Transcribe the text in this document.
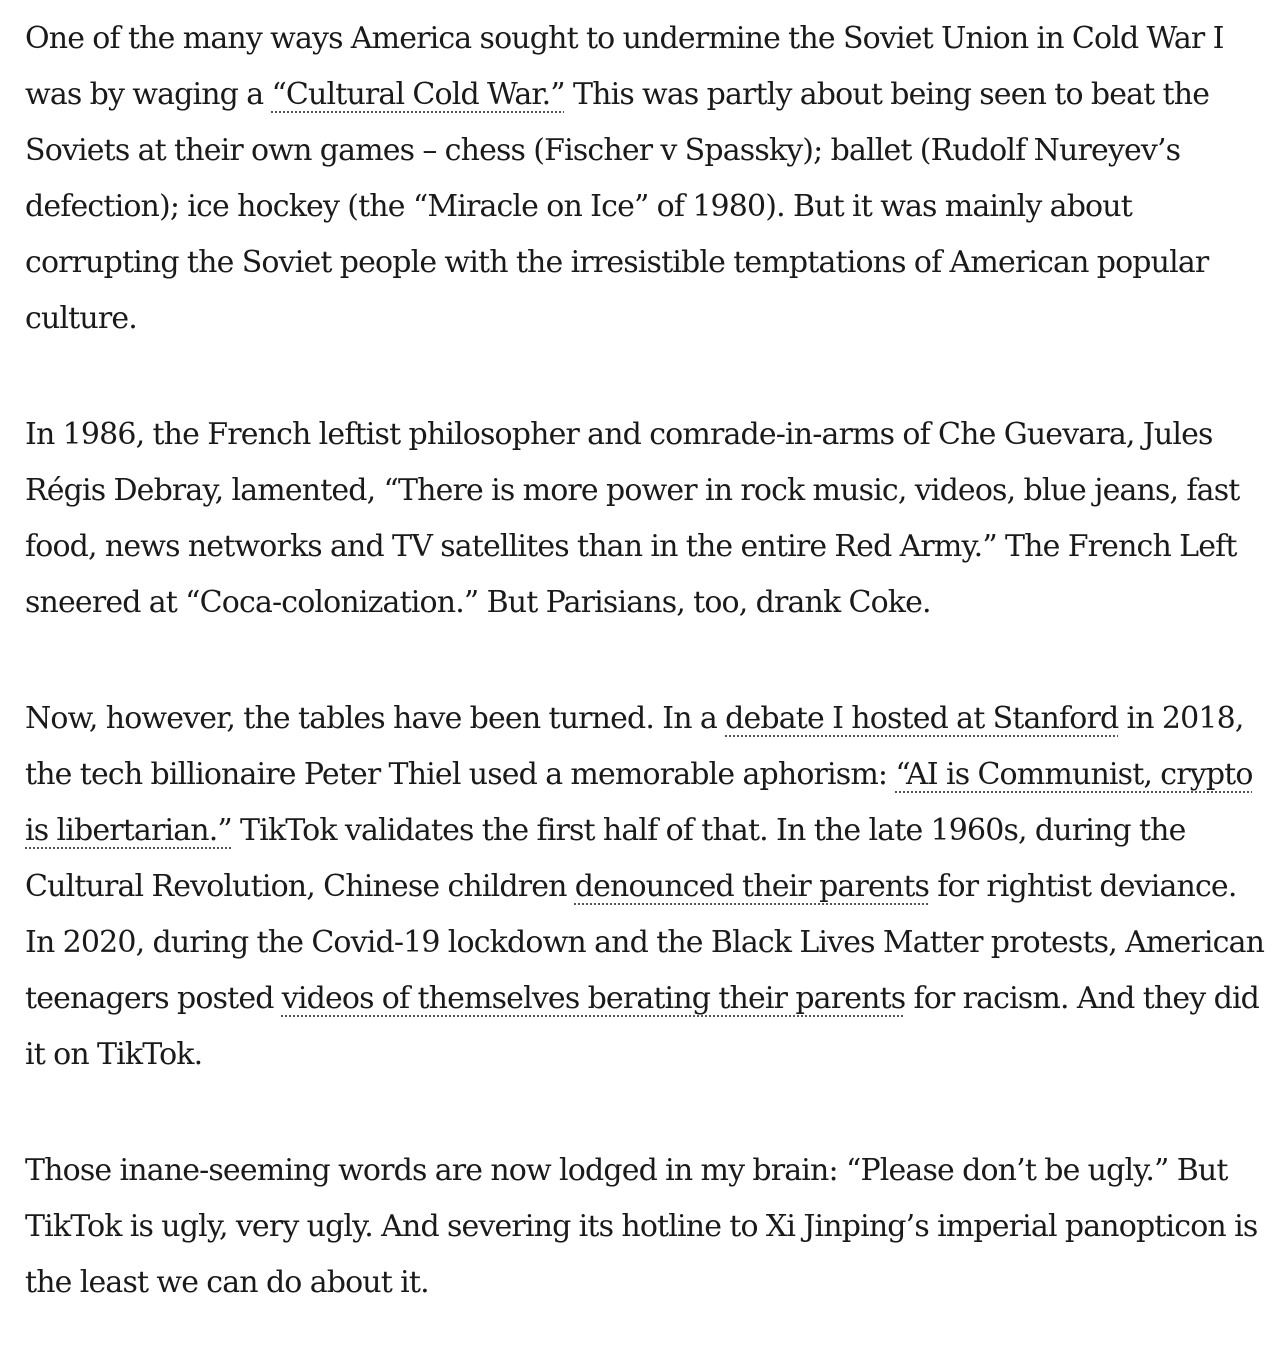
One of the many ways America sought to undermine the Soviet Union in Cold War I was by waging a “Cultural Cold War.” This was partly about being seen to beat the Soviets at their own games – chess (Fischer v Spassky); ballet (Rudolf Nureyev’s defection); ice hockey (the “Miracle on Ice” of 1980). But it was mainly about corrupting the Soviet people with the irresistible temptations of American popular culture.

In 1986, the French leftist philosopher and comrade-in-arms of Che Guevara, Jules Régis Debray, lamented, “There is more power in rock music, videos, blue jeans, fast food, news networks and TV satellites than in the entire Red Army.” The French Left sneered at “Coca-colonization.” But Parisians, too, drank Coke.

Now, however, the tables have been turned. In a debate I hosted at Stanford in 2018, the tech billionaire Peter Thiel used a memorable aphorism: “AI is Communist, crypto is libertarian.” TikTok validates the first half of that. In the late 1960s, during the Cultural Revolution, Chinese children denounced their parents for rightist deviance. In 2020, during the Covid-19 lockdown and the Black Lives Matter protests, American teenagers posted videos of themselves berating their parents for racism. And they did it on TikTok.

Those inane-seeming words are now lodged in my brain: “Please don’t be ugly.” But TikTok is ugly, very ugly. And severing its hotline to Xi Jinping’s imperial panopticon is the least we can do about it.
